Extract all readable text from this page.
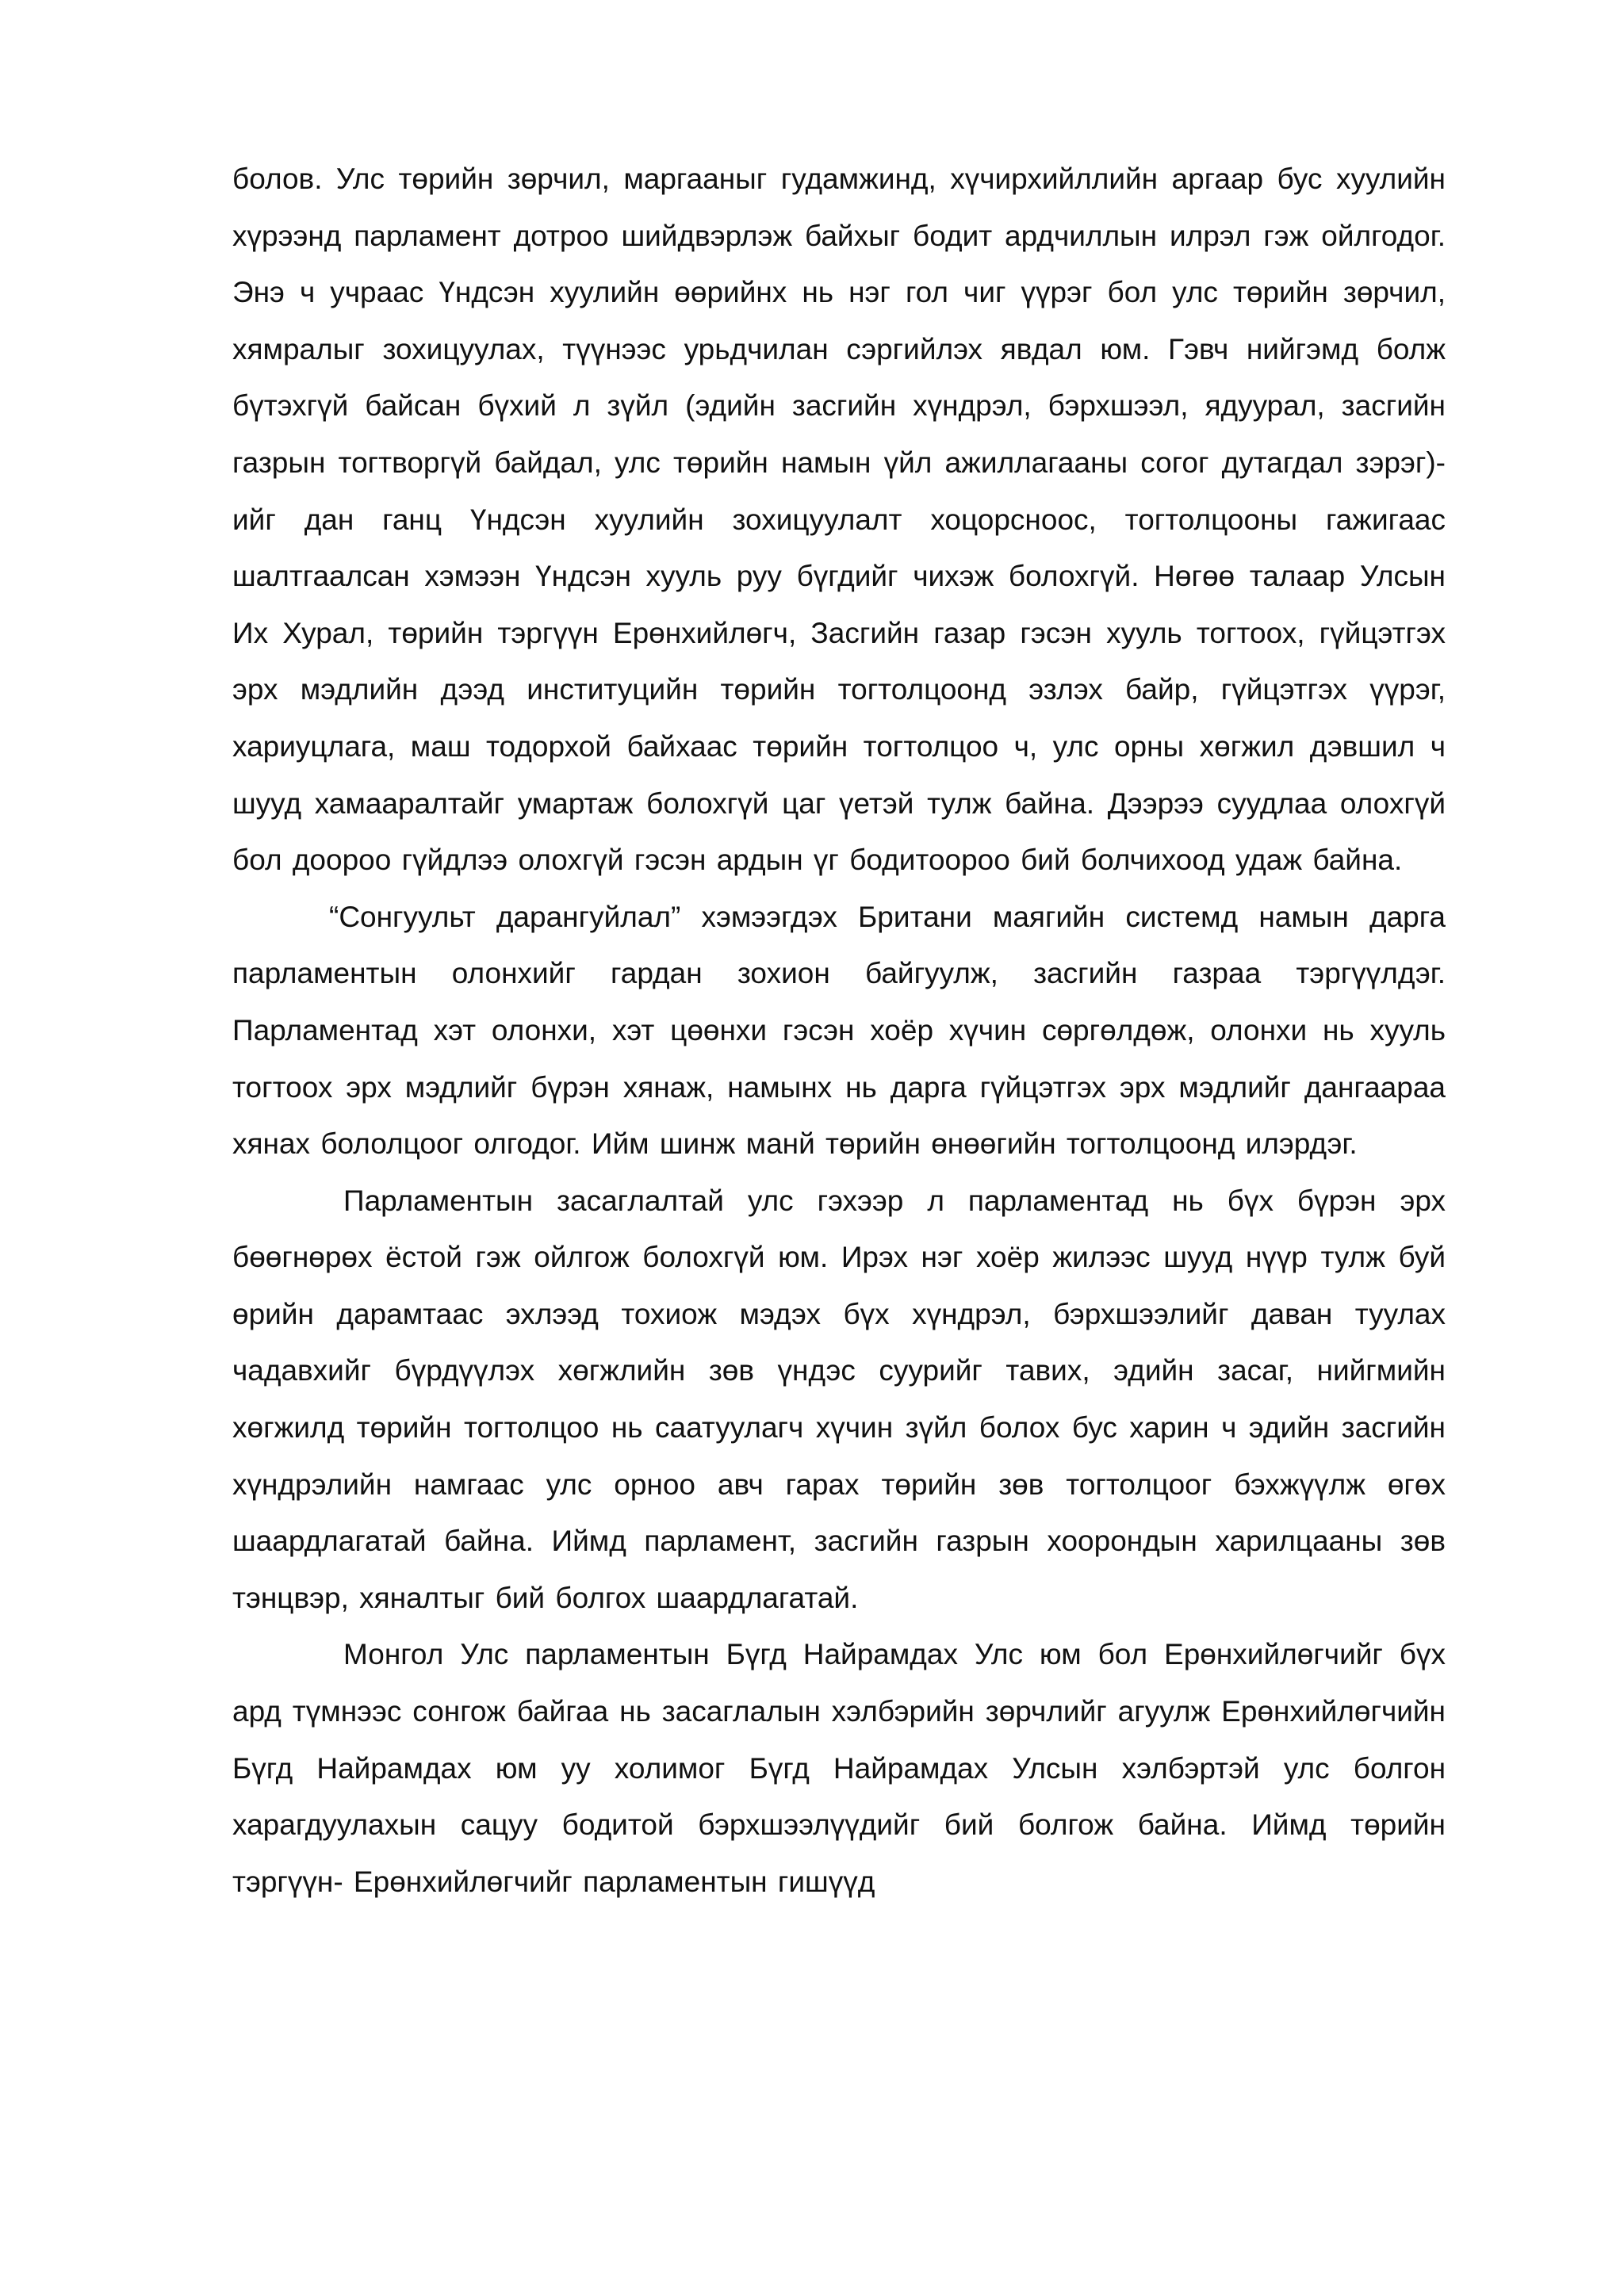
болов. Улс төрийн зөрчил, маргааныг гудамжинд, хүчирхийллийн аргаар бус хуулийн хүрээнд парламент дотроо шийдвэрлэж байхыг бодит ардчиллын илрэл гэж ойлгодог. Энэ ч учраас Үндсэн хуулийн өөрийнх нь нэг гол чиг үүрэг бол улс төрийн зөрчил, хямралыг зохицуулах, түүнээс урьдчилан сэргийлэх явдал юм. Гэвч нийгэмд болж бүтэхгүй байсан бүхий л зүйл (эдийн засгийн хүндрэл, бэрхшээл, ядуурал, засгийн газрын тогтворгүй байдал, улс төрийн намын үйл ажиллагааны согог дутагдал зэрэг)-ийг дан ганц Үндсэн хуулийн зохицуулалт хоцорсноос, тогтолцооны гажигаас шалтгаалсан хэмээн Үндсэн хууль руу бүгдийг чихэж болохгүй. Нөгөө талаар Улсын Их Хурал, төрийн тэргүүн Ерөнхийлөгч, Засгийн газар гэсэн хууль тогтоох, гүйцэтгэх эрх мэдлийн дээд институцийн төрийн тогтолцоонд эзлэх байр, гүйцэтгэх үүрэг, хариуцлага, маш тодорхой байхаас төрийн тогтолцоо ч, улс орны хөгжил дэвшил ч шууд хамааралтайг умартаж болохгүй цаг үетэй тулж байна. Дээрээ суудлаа олохгүй бол доороо гүйдлээ олохгүй гэсэн ардын үг бодитоороо бий болчихоод удаж байна.

“Сонгуульт дарангуйлал” хэмээгдэх Британи маягийн системд намын дарга парламентын олонхийг гардан зохион байгуулж, засгийн газраа тэргүүлдэг. Парламентад хэт олонхи, хэт цөөнхи гэсэн хоёр хүчин сөргөлдөж, олонхи нь хууль тогтоох эрх мэдлийг бүрэн хянаж, намынх нь дарга гүйцэтгэх эрх мэдлийг дангаараа хянах бололцоог олгодог. Ийм шинж манй төрийн өнөөгийн тогтолцоонд илэрдэг.

Парламентын засаглалтай улс гэхээр л парламентад нь бүх бүрэн эрх бөөгнөрөх ёстой гэж ойлгож болохгүй юм. Ирэх нэг хоёр жилээс шууд нүүр тулж буй өрийн дарамтаас эхлээд тохиож мэдэх бүх хүндрэл, бэрхшээлийг даван туулах чадавхийг бүрдүүлэх хөгжлийн зөв үндэс суурийг тавих, эдийн засаг, нийгмийн хөгжилд төрийн тогтолцоо нь саатуулагч хүчин зүйл болох бус харин ч эдийн засгийн хүндрэлийн намгаас улс орноо авч гарах төрийн зөв тогтолцоог бэхжүүлж өгөх шаардлагатай байна. Иймд парламент, засгийн газрын хоорондын харилцааны зөв тэнцвэр, хяналтыг бий болгох шаардлагатай.

Монгол Улс парламентын Бүгд Найрамдах Улс юм бол Ерөнхийлөгчийг бүх ард түмнээс сонгож байгаа нь засаглалын хэлбэрийн зөрчлийг агуулж Ерөнхийлөгчийн Бүгд Найрамдах юм уу холимог Бүгд Найрамдах Улсын хэлбэртэй улс болгон харагдуулахын сацуу бодитой бэрхшээлүүдийг бий болгож байна. Иймд төрийн тэргүүн- Ерөнхийлөгчийг парламентын гишүүд
